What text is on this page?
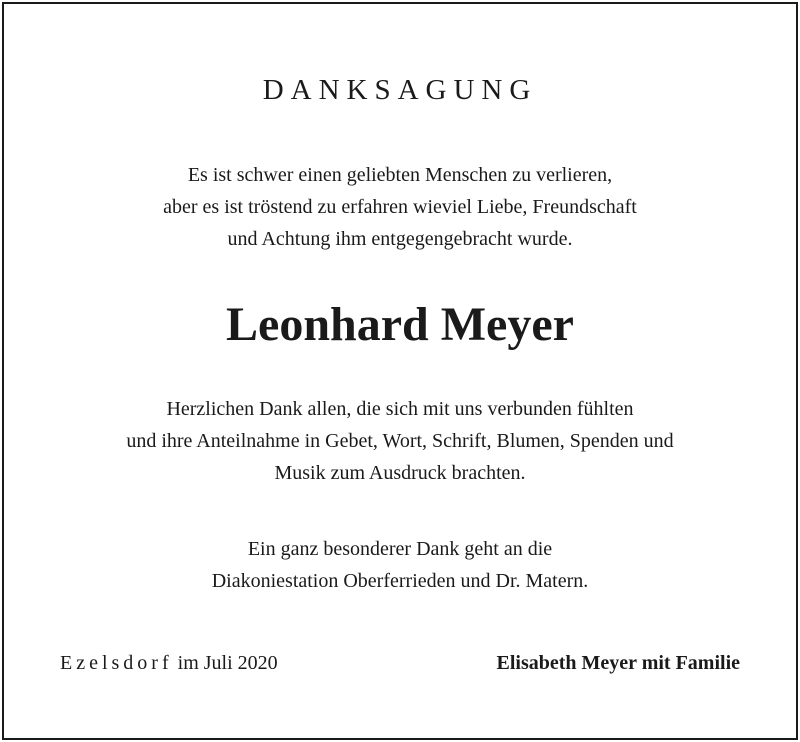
DANKSAGUNG
Es ist schwer einen geliebten Menschen zu verlieren,
aber es ist tröstend zu erfahren wieviel Liebe, Freundschaft
und Achtung ihm entgegengebracht wurde.
Leonhard Meyer
Herzlichen Dank allen, die sich mit uns verbunden fühlten
und ihre Anteilnahme in Gebet, Wort, Schrift, Blumen, Spenden und
Musik zum Ausdruck brachten.
Ein ganz besonderer Dank geht an die
Diakoniestation Oberferrieden und Dr. Matern.
Ezelsdorf im Juli 2020	Elisabeth Meyer mit Familie
